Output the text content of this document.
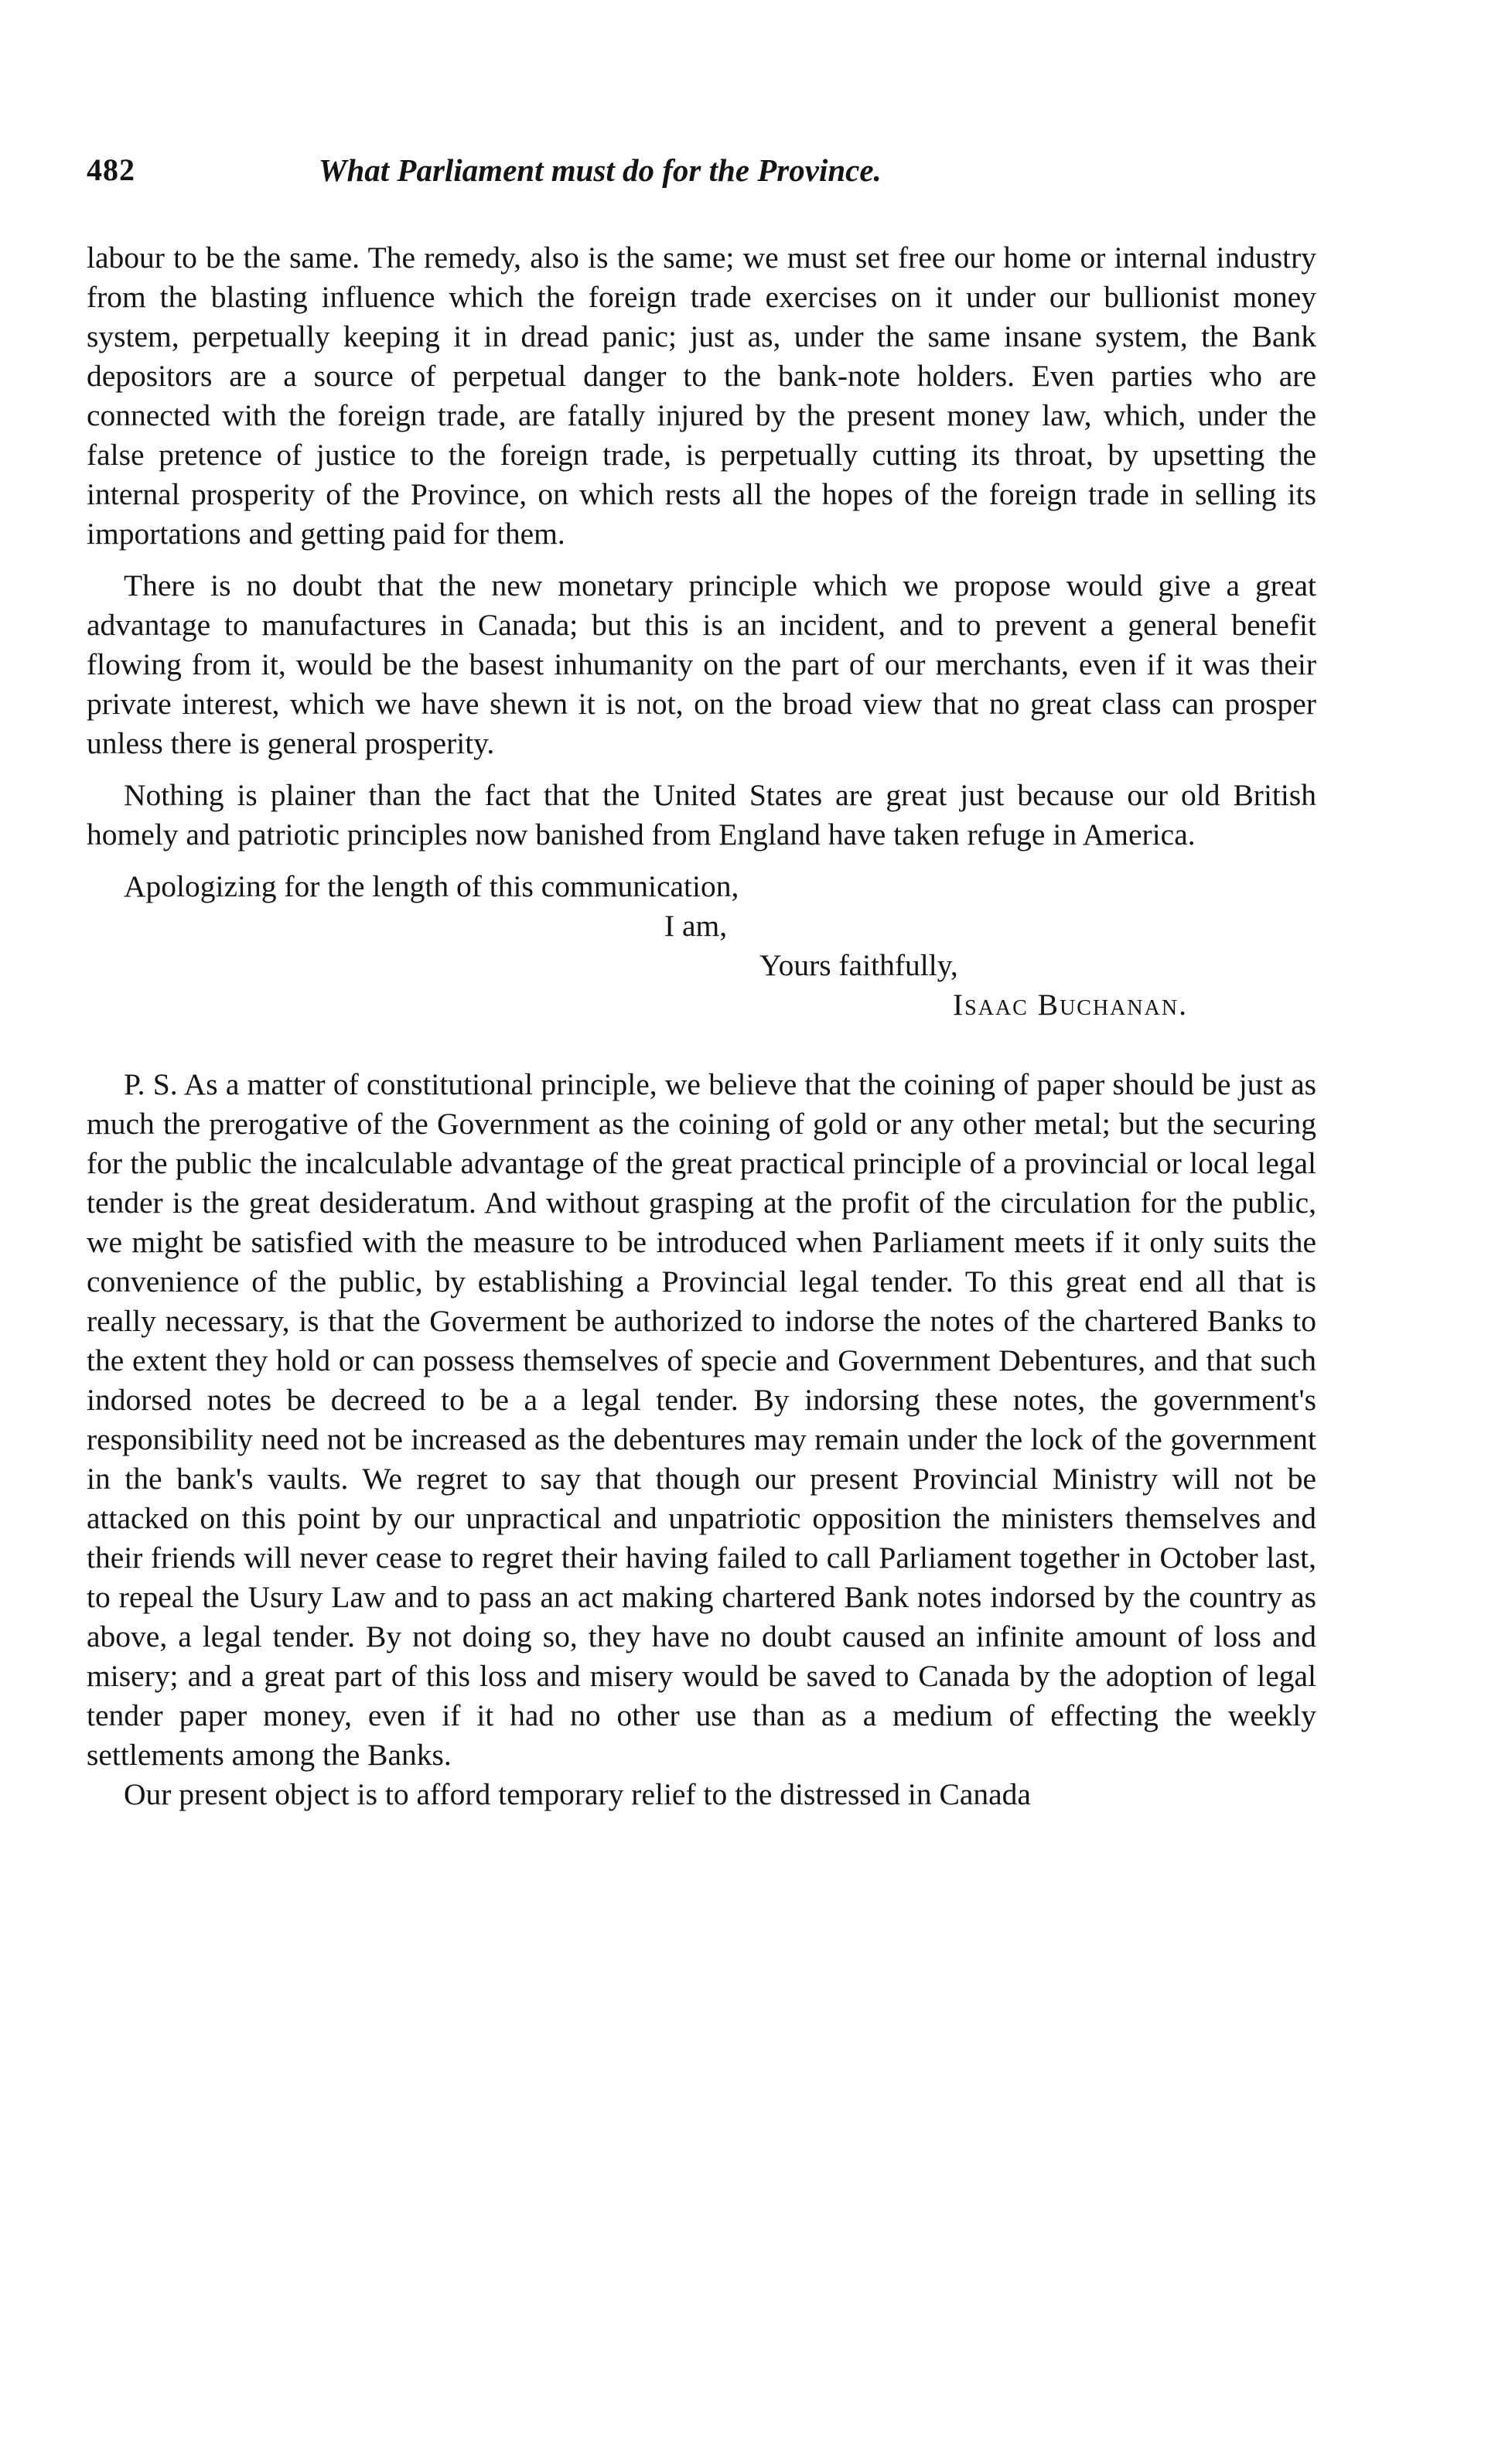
482	What Parliament must do for the Province.

labour to be the same. The remedy, also is the same; we must set free our home or internal industry from the blasting influence which the foreign trade exercises on it under our bullionist money system, perpetually keeping it in dread panic; just as, under the same insane system, the Bank depositors are a source of perpetual danger to the bank-note holders. Even parties who are connected with the foreign trade, are fatally injured by the present money law, which, under the false pretence of justice to the foreign trade, is perpetually cutting its throat, by upsetting the internal prosperity of the Province, on which rests all the hopes of the foreign trade in selling its importations and getting paid for them.

There is no doubt that the new monetary principle which we propose would give a great advantage to manufactures in Canada; but this is an incident, and to prevent a general benefit flowing from it, would be the basest inhumanity on the part of our merchants, even if it was their private interest, which we have shewn it is not, on the broad view that no great class can prosper unless there is general prosperity.

Nothing is plainer than the fact that the United States are great just because our old British homely and patriotic principles now banished from England have taken refuge in America.

Apologizing for the length of this communication,

I am,

Yours faithfully,

Isaac Buchanan.

P. S. As a matter of constitutional principle, we believe that the coining of paper should be just as much the prerogative of the Government as the coining of gold or any other metal; but the securing for the public the incalculable advantage of the great practical principle of a provincial or local legal tender is the great desideratum. And without grasping at the profit of the circulation for the public, we might be satisfied with the measure to be introduced when Parliament meets if it only suits the convenience of the public, by establishing a Provincial legal tender. To this great end all that is really necessary, is that the Goverment be authorized to indorse the notes of the chartered Banks to the extent they hold or can possess themselves of specie and Government Debentures, and that such indorsed notes be decreed to be a a legal tender. By indorsing these notes, the government's responsibility need not be increased as the debentures may remain under the lock of the government in the bank's vaults. We regret to say that though our present Provincial Ministry will not be attacked on this point by our unpractical and unpatriotic opposition the ministers themselves and their friends will never cease to regret their having failed to call Parliament together in October last, to repeal the Usury Law and to pass an act making chartered Bank notes indorsed by the country as above, a legal tender. By not doing so, they have no doubt caused an infinite amount of loss and misery; and a great part of this loss and misery would be saved to Canada by the adoption of legal tender paper money, even if it had no other use than as a medium of effecting the weekly settlements among the Banks.

Our present object is to afford temporary relief to the distressed in Canada
